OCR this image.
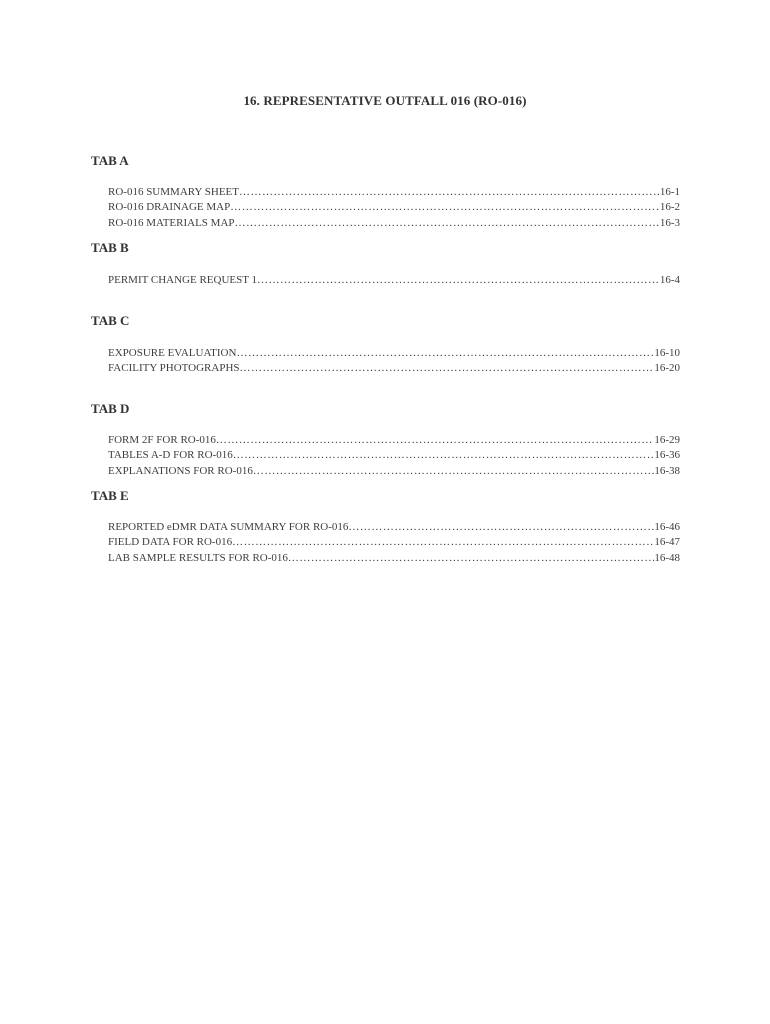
16. REPRESENTATIVE OUTFALL 016 (RO-016)
TAB A
RO-016 SUMMARY SHEET ……………………………………………………………………………………………………………………………………………………………………………………	16-1
RO-016 DRAINAGE MAP ……………………………………………………………………………………………………………………………………………………………………………………	16-2
RO-016 MATERIALS MAP ……………………………………………………………………………………………………………………………………………………………………………………	16-3
TAB B
PERMIT CHANGE REQUEST 1 ……………………………………………………………………………………………………………………………………………………………………………………	16-4
TAB C
EXPOSURE EVALUATION ……………………………………………………………………………………………………………………………………………………………………………………	16-10
FACILITY PHOTOGRAPHS ……………………………………………………………………………………………………………………………………………………………………………………	16-20
TAB D
FORM 2F FOR RO-016 ……………………………………………………………………………………………………………………………………………………………………………………	16-29
TABLES A-D FOR RO-016 ……………………………………………………………………………………………………………………………………………………………………………………	16-36
EXPLANATIONS FOR RO-016 ……………………………………………………………………………………………………………………………………………………………………………………	16-38
TAB E
REPORTED eDMR DATA SUMMARY FOR RO-016 ……………………………………………………………………………………………………………………………………………………………………………………	16-46
FIELD DATA FOR RO-016 ……………………………………………………………………………………………………………………………………………………………………………………	16-47
LAB SAMPLE RESULTS FOR RO-016 ……………………………………………………………………………………………………………………………………………………………………………………	16-48
